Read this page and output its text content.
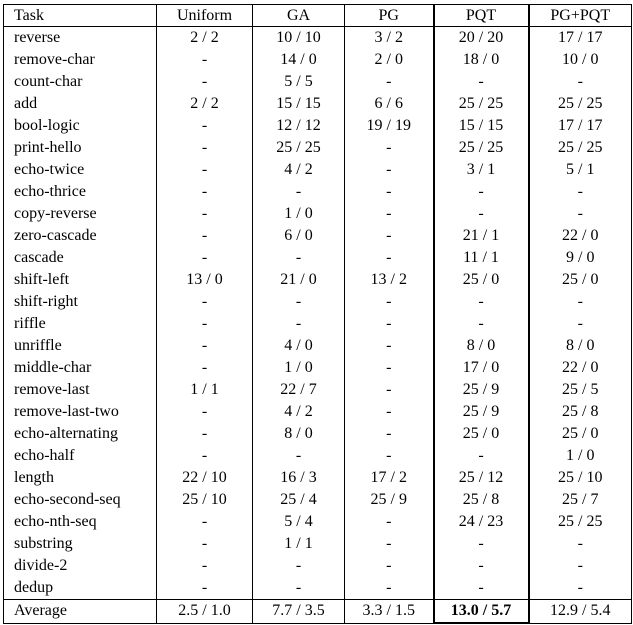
Task	Uniform	GA	PG	PQT	PG+PQT
reverse	2 / 2	10 / 10	3 / 2	20 / 20	17 / 17
remove-char	-	14 / 0	2 / 0	18 / 0	10 / 0
count-char	-	5 / 5	-	-	-
add	2 / 2	15 / 15	6 / 6	25 / 25	25 / 25
bool-logic	-	12 / 12	19 / 19	15 / 15	17 / 17
print-hello	-	25 / 25	-	25 / 25	25 / 25
echo-twice	-	4 / 2	-	3 / 1	5 / 1
echo-thrice	-	-	-	-	-
copy-reverse	-	1 / 0	-	-	-
zero-cascade	-	6 / 0	-	21 / 1	22 / 0
cascade	-	-	-	11 / 1	9 / 0
shift-left	13 / 0	21 / 0	13 / 2	25 / 0	25 / 0
shift-right	-	-	-	-	-
riffle	-	-	-	-	-
unriffle	-	4 / 0	-	8 / 0	8 / 0
middle-char	-	1 / 0	-	17 / 0	22 / 0
remove-last	1 / 1	22 / 7	-	25 / 9	25 / 5
remove-last-two	-	4 / 2	-	25 / 9	25 / 8
echo-alternating	-	8 / 0	-	25 / 0	25 / 0
echo-half	-	-	-	-	1 / 0
length	22 / 10	16 / 3	17 / 2	25 / 12	25 / 10
echo-second-seq	25 / 10	25 / 4	25 / 9	25 / 8	25 / 7
echo-nth-seq	-	5 / 4	-	24 / 23	25 / 25
substring	-	1 / 1	-	-	-
divide-2	-	-	-	-	-
dedup	-	-	-	-	-
Average	2.5 / 1.0	7.7 / 3.5	3.3 / 1.5	13.0 / 5.7	12.9 / 5.4
